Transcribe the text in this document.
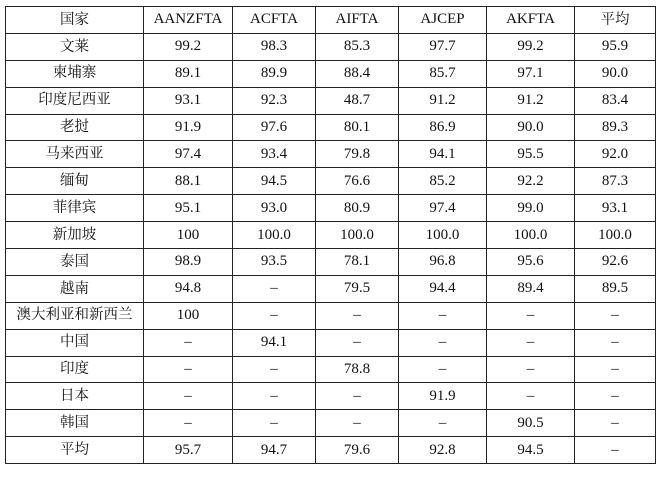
国家	AANZFTA	ACFTA	AIFTA	AJCEP	AKFTA	平均
文莱	99.2	98.3	85.3	97.7	99.2	95.9
柬埔寨	89.1	89.9	88.4	85.7	97.1	90.0
印度尼西亚	93.1	92.3	48.7	91.2	91.2	83.4
老挝	91.9	97.6	80.1	86.9	90.0	89.3
马来西亚	97.4	93.4	79.8	94.1	95.5	92.0
缅甸	88.1	94.5	76.6	85.2	92.2	87.3
菲律宾	95.1	93.0	80.9	97.4	99.0	93.1
新加坡	100	100.0	100.0	100.0	100.0	100.0
泰国	98.9	93.5	78.1	96.8	95.6	92.6
越南	94.8	–	79.5	94.4	89.4	89.5
澳大利亚和新西兰	100	–	–	–	–	–
中国	–	94.1	–	–	–	–
印度	–	–	78.8	–	–	–
日本	–	–	–	91.9	–	–
韩国	–	–	–	–	90.5	–
平均	95.7	94.7	79.6	92.8	94.5	–
